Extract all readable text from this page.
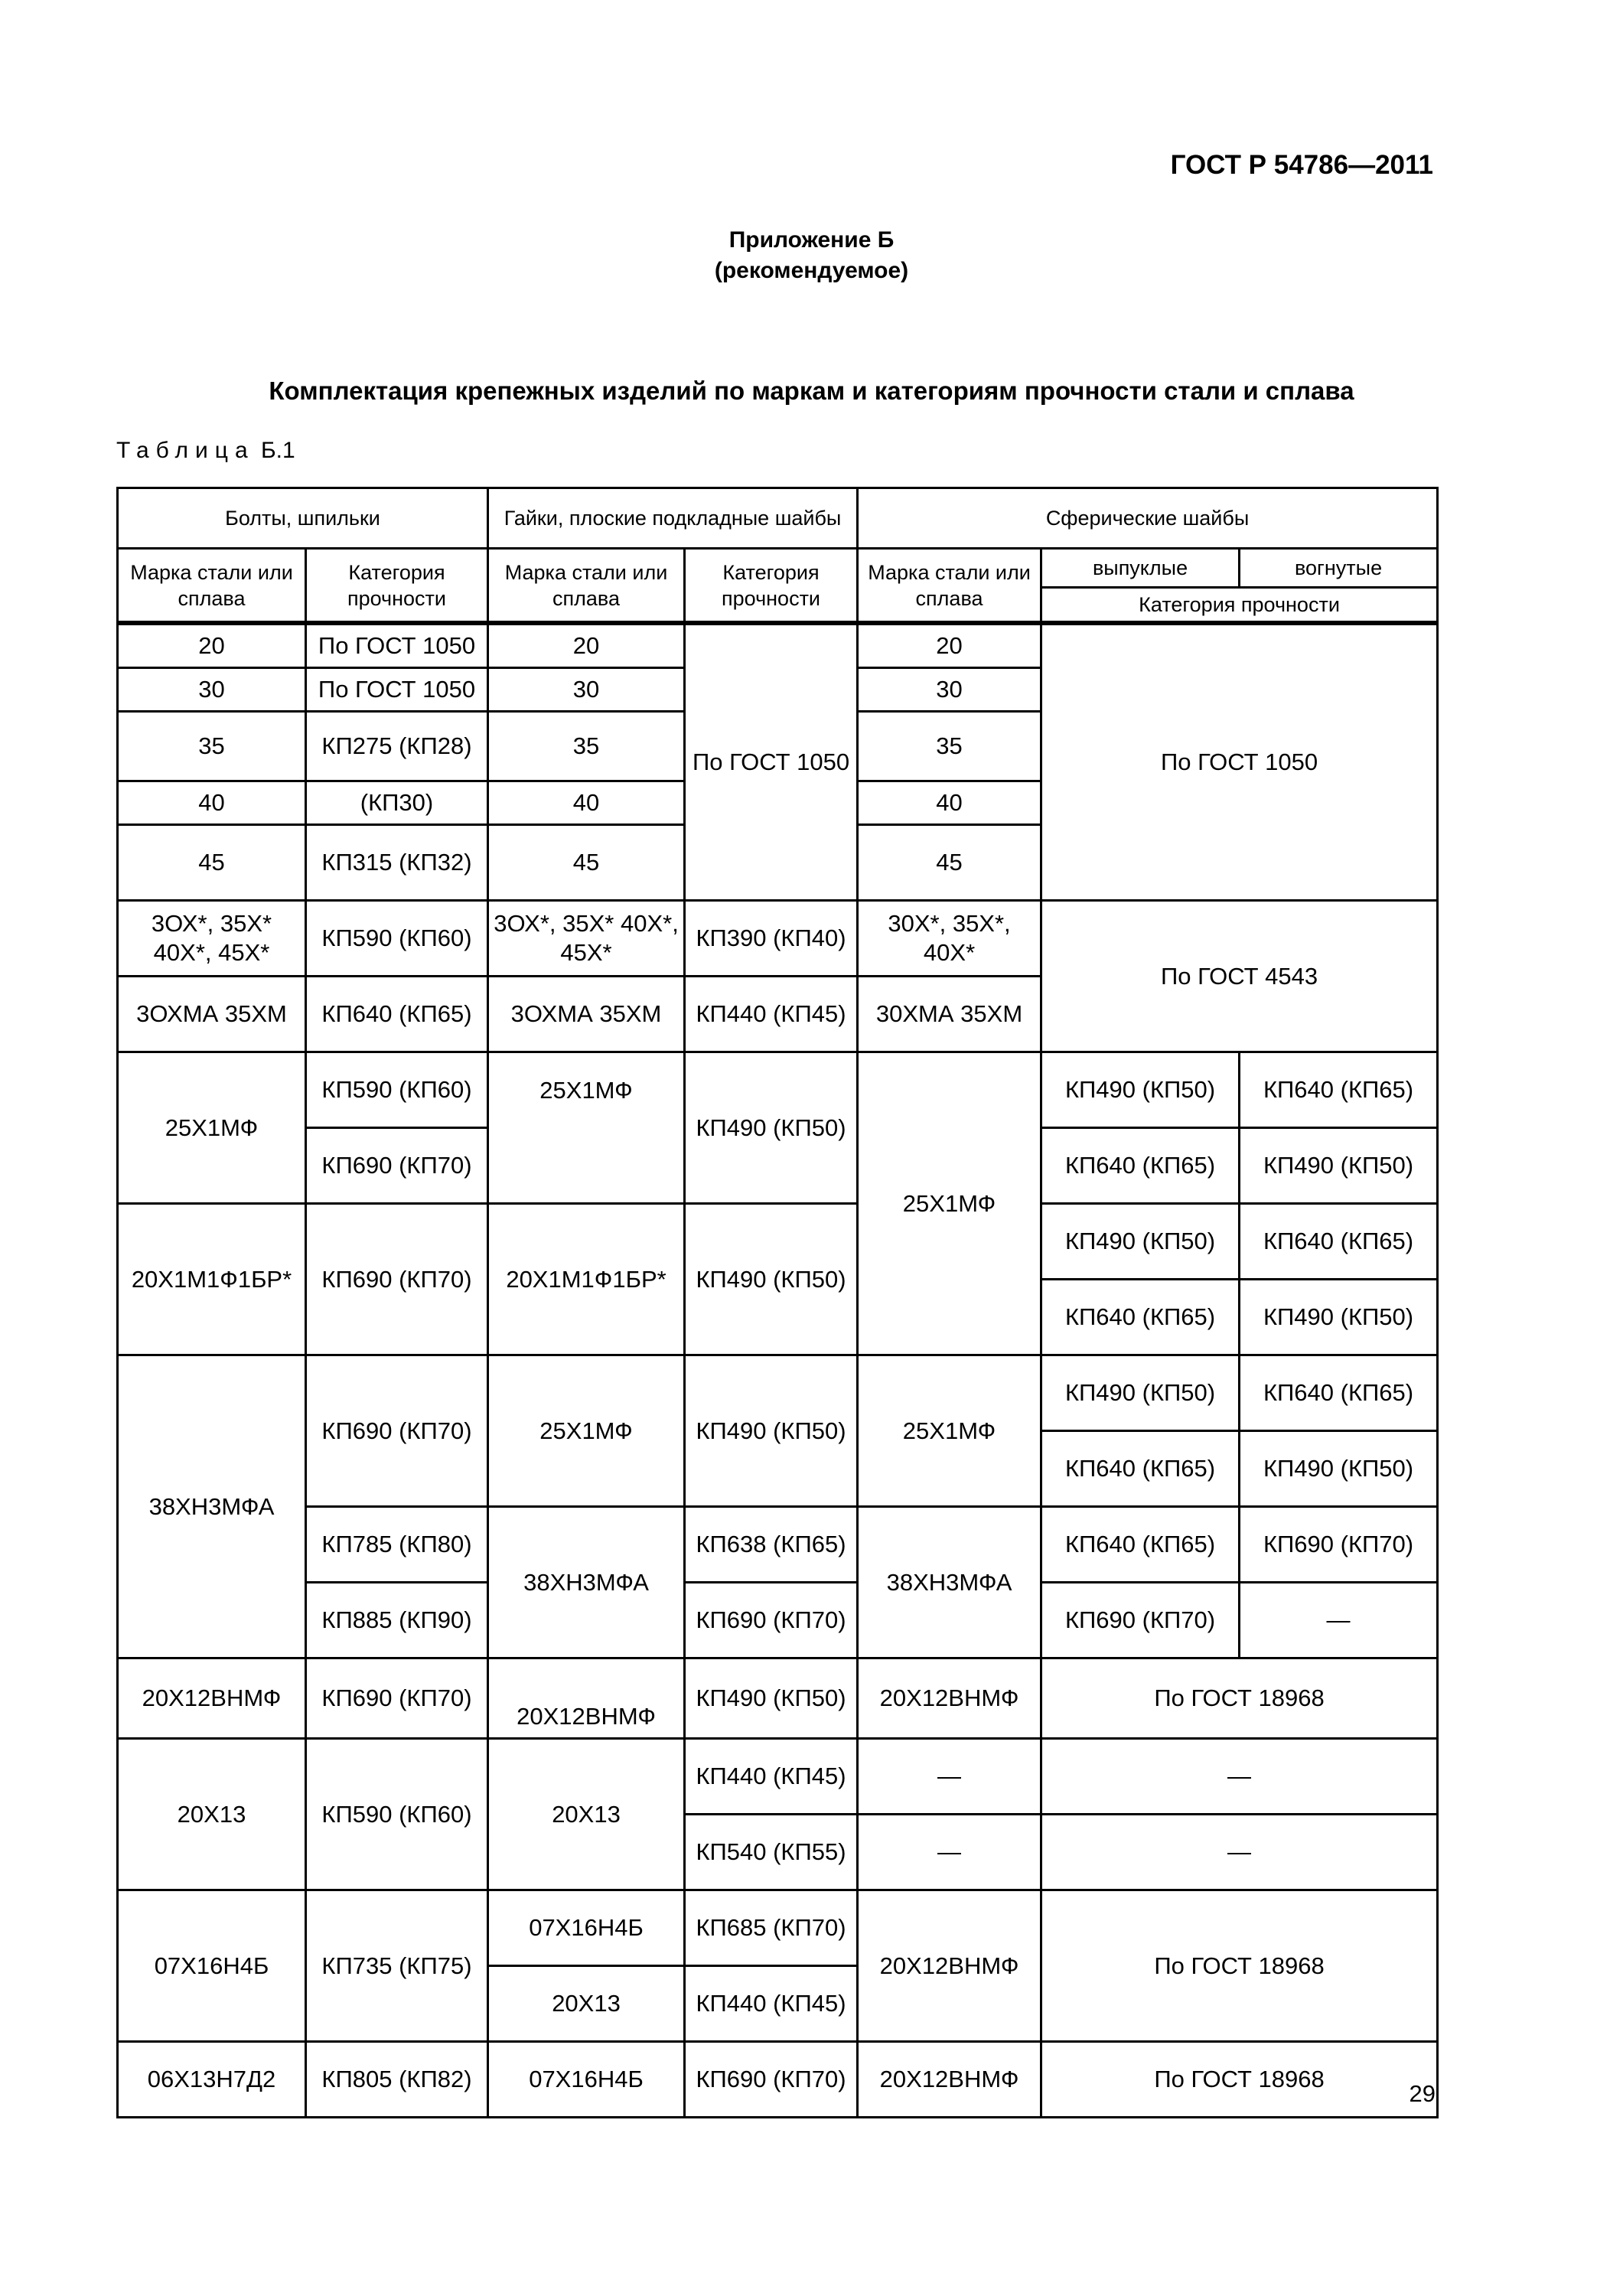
ГОСТ Р 54786—2011
Приложение Б
(рекомендуемое)
Комплектация крепежных изделий по маркам и категориям прочности стали и сплава
Таблица Б.1
Болты, шпильки		Гайки, плоские подкладные шайбы		Сферические шайбы		
Марка стали или сплава	Категория прочности	Марка стали или сплава	Категория прочности	Марка стали или сплава	выпуклые	вогнутые
					Категория прочности	

20	По ГОСТ 1050	20	По ГОСТ 1050	20	По ГОСТ 1050	
30	По ГОСТ 1050	30		30		
35	КП275 (КП28)	35		35		
40	(КП30)	40		40		
45	КП315 (КП32)	45		45		
3ОХ*, 35Х* 40Х*, 45Х*	КП590 (КП60)	3ОХ*, 35Х* 40Х*, 45Х*	КП390 (КП40)	30Х*, 35Х*, 40Х*	По ГОСТ 4543	
3ОХМА 35ХМ	КП640 (КП65)	3ОХМА 35ХМ	КП440 (КП45)	30ХМА 35ХМ		
25Х1МФ	КП590 (КП60)	25Х1МФ	КП490 (КП50)	25Х1МФ	КП490 (КП50)	КП640 (КП65)
	КП690 (КП70)				КП640 (КП65)	КП490 (КП50)
20Х1М1Ф1БР*	КП690 (КП70)	20Х1М1Ф1БР*	КП490 (КП50)		КП490 (КП50)	КП640 (КП65)
					КП640 (КП65)	КП490 (КП50)
38ХН3МФА	КП690 (КП70)	25Х1МФ	КП490 (КП50)	25Х1МФ	КП490 (КП50)	КП640 (КП65)
					КП640 (КП65)	КП490 (КП50)
	КП785 (КП80)	38ХН3МФА	КП638 (КП65)	38ХН3МФА	КП640 (КП65)	КП690 (КП70)
	КП885 (КП90)		КП690 (КП70)		КП690 (КП70)	—
20Х12ВНМФ	КП690 (КП70)	20Х12ВНМФ	КП490 (КП50)	20Х12ВНМФ	По ГОСТ 18968	
20Х13	КП590 (КП60)	20Х13	КП440 (КП45)	—	—	
			КП540 (КП55)	—	—	
07Х16Н4Б	КП735 (КП75)	07Х16Н4Б	КП685 (КП70)	20Х12ВНМФ	По ГОСТ 18968	
		20Х13	КП440 (КП45)			
06Х13Н7Д2	КП805 (КП82)	07Х16Н4Б	КП690 (КП70)	20Х12ВНМФ	По ГОСТ 18968	
29
